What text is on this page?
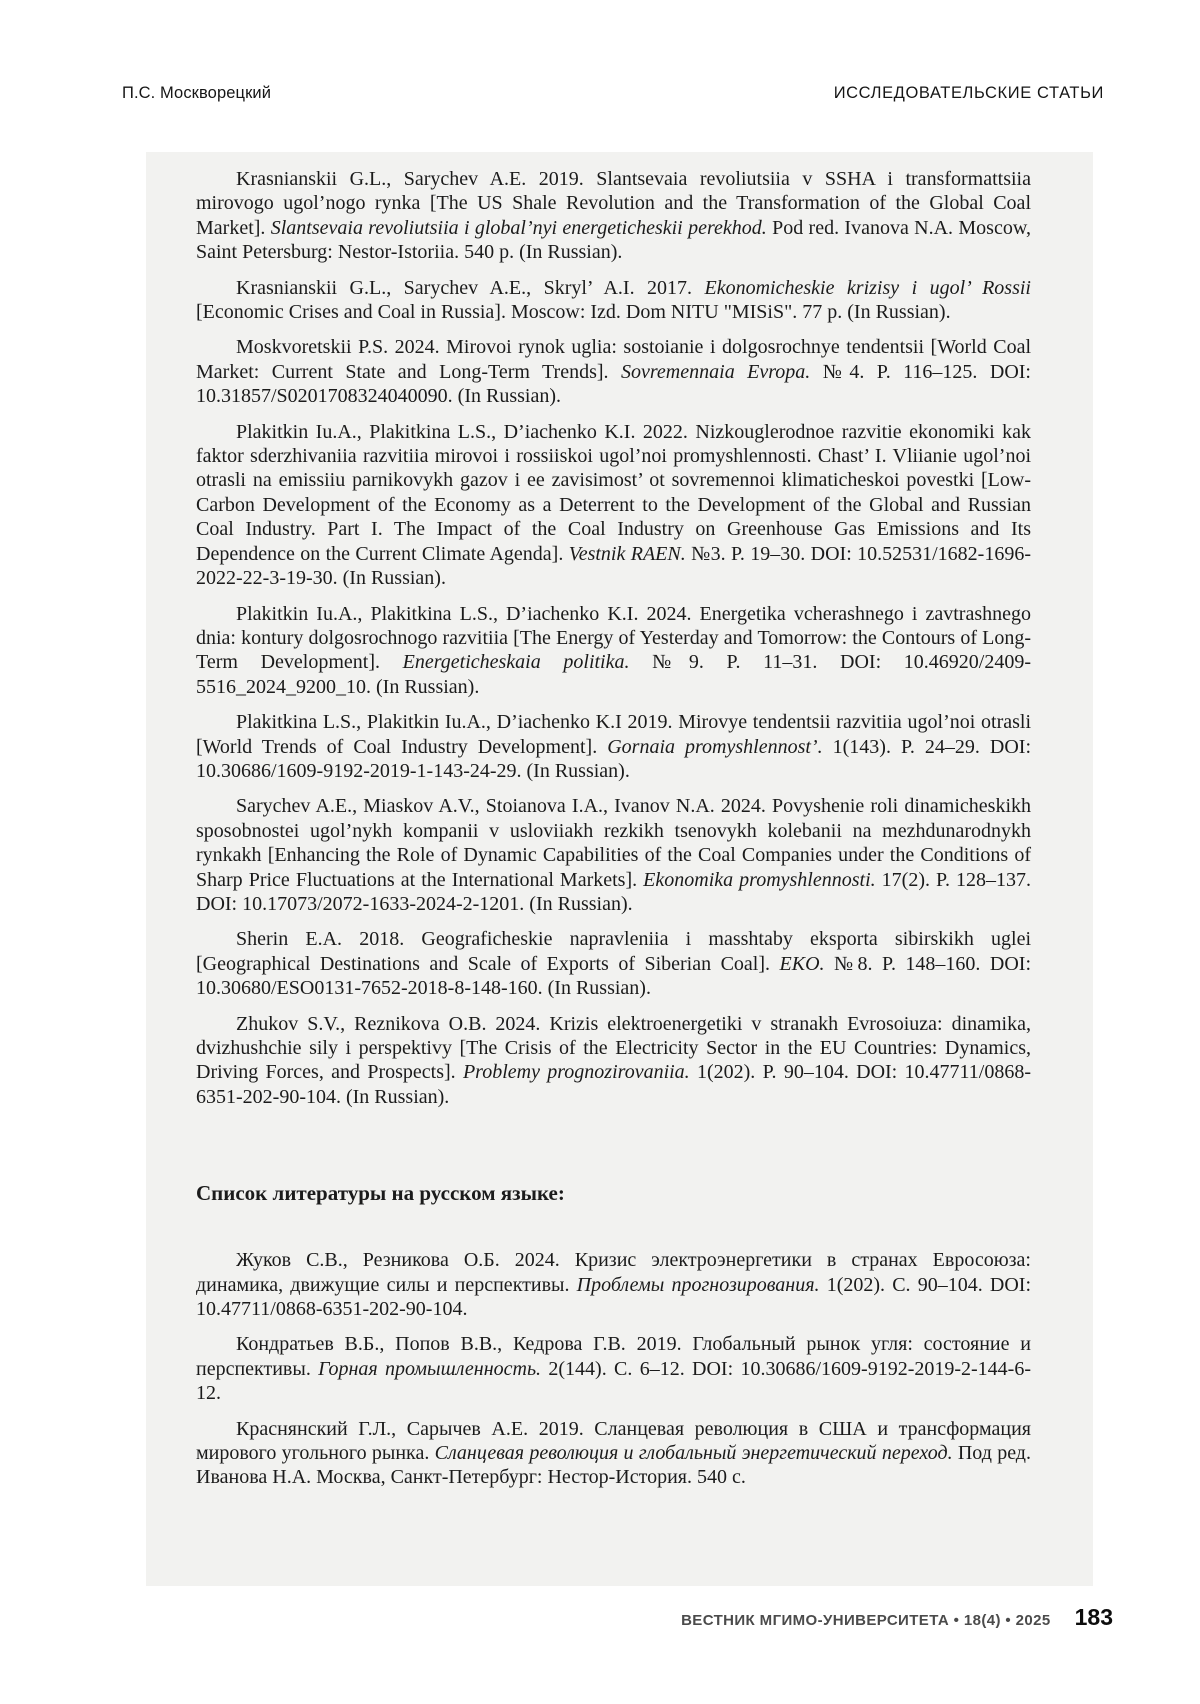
П.С. Москворецкий	ИССЛЕДОВАТЕЛЬСКИЕ СТАТЬИ

Krasnianskii G.L., Sarychev A.E. 2019. Slantsevaia revoliutsiia v SSHA i transformattsiia mirovogo ugol’nogo rynka [The US Shale Revolution and the Transformation of the Global Coal Market]. Slantsevaia revoliutsiia i global’nyi energeticheskii perekhod. Pod red. Ivanova N.A. Moscow, Saint Petersburg: Nestor-Istoriia. 540 p. (In Russian).

Krasnianskii G.L., Sarychev A.E., Skryl’ A.I. 2017. Ekonomicheskie krizisy i ugol’ Rossii [Economic Crises and Coal in Russia]. Moscow: Izd. Dom NITU "MISiS". 77 p. (In Russian).

Moskvoretskii P.S. 2024. Mirovoi rynok uglia: sostoianie i dolgosrochnye tendentsii [World Coal Market: Current State and Long-Term Trends]. Sovremennaia Evropa. №4. P. 116–125. DOI: 10.31857/S0201708324040090. (In Russian).

Plakitkin Iu.A., Plakitkina L.S., D’iachenko K.I. 2022. Nizkouglerodnoe razvitie ekonomiki kak faktor sderzhivaniia razvitiia mirovoi i rossiiskoi ugol’noi promyshlennosti. Chast’ I. Vliianie ugol’noi otrasli na emissiiu parnikovykh gazov i ee zavisimost’ ot sovremennoi klimaticheskoi povestki [Low-Carbon Development of the Economy as a Deterrent to the Development of the Global and Russian Coal Industry. Part I. The Impact of the Coal Industry on Greenhouse Gas Emissions and Its Dependence on the Current Climate Agenda]. Vestnik RAEN. №3. P. 19–30. DOI: 10.52531/1682-1696-2022-22-3-19-30. (In Russian).

Plakitkin Iu.A., Plakitkina L.S., D’iachenko K.I. 2024. Energetika vcherashnego i zavtrashnego dnia: kontury dolgosrochnogo razvitiia [The Energy of Yesterday and Tomorrow: the Contours of Long-Term Development]. Energeticheskaia politika. №9. P. 11–31. DOI: 10.46920/2409-5516_2024_9200_10. (In Russian).

Plakitkina L.S., Plakitkin Iu.A., D’iachenko K.I 2019. Mirovye tendentsii razvitiia ugol’noi otrasli [World Trends of Coal Industry Development]. Gornaia promyshlennost’. 1(143). P. 24–29. DOI: 10.30686/1609-9192-2019-1-143-24-29. (In Russian).

Sarychev A.E., Miaskov A.V., Stoianova I.A., Ivanov N.A. 2024. Povyshenie roli dinamicheskikh sposobnostei ugol’nykh kompanii v usloviiakh rezkikh tsenovykh kolebanii na mezhdunarodnykh rynkakh [Enhancing the Role of Dynamic Capabilities of the Coal Companies under the Conditions of Sharp Price Fluctuations at the International Markets]. Ekonomika promyshlennosti. 17(2). P. 128–137. DOI: 10.17073/2072-1633-2024-2-1201. (In Russian).

Sherin E.A. 2018. Geograficheskie napravleniia i masshtaby eksporta sibirskikh uglei [Geographical Destinations and Scale of Exports of Siberian Coal]. EKO. №8. P. 148–160. DOI: 10.30680/ESO0131-7652-2018-8-148-160. (In Russian).

Zhukov S.V., Reznikova O.B. 2024. Krizis elektroenergetiki v stranakh Evrosoiuza: dinamika, dvizhushchie sily i perspektivy [The Crisis of the Electricity Sector in the EU Countries: Dynamics, Driving Forces, and Prospects]. Problemy prognozirovaniia. 1(202). P. 90–104. DOI: 10.47711/0868-6351-202-90-104. (In Russian).

Список литературы на русском языке:

Жуков С.В., Резникова О.Б. 2024. Кризис электроэнергетики в странах Евросоюза: динамика, движущие силы и перспективы. Проблемы прогнозирования. 1(202). С. 90–104. DOI: 10.47711/0868-6351-202-90-104.

Кондратьев В.Б., Попов В.В., Кедрова Г.В. 2019. Глобальный рынок угля: состояние и перспективы. Горная промышленность. 2(144). С. 6–12. DOI: 10.30686/1609-9192-2019-2-144-6-12.

Краснянский Г.Л., Сарычев А.Е. 2019. Сланцевая революция в США и трансформация мирового угольного рынка. Сланцевая революция и глобальный энергетический переход. Под ред. Иванова Н.А. Москва, Санкт-Петербург: Нестор-История. 540 с.

ВЕСТНИК МГИМО-УНИВЕРСИТЕТА • 18(4) • 2025 183
